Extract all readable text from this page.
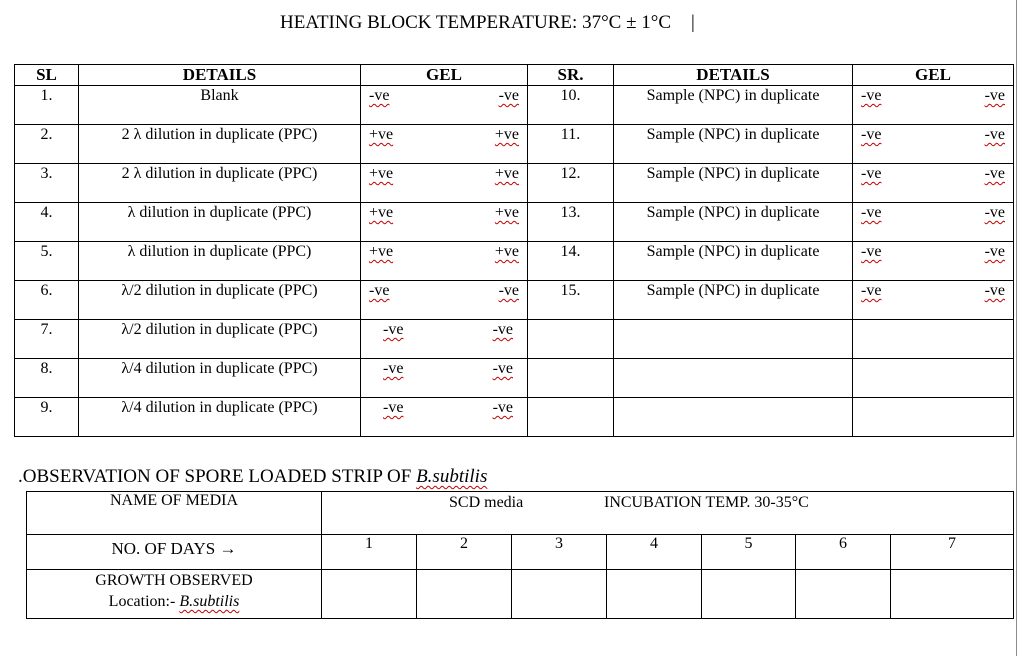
HEATING BLOCK TEMPERATURE: 37°C ± 1°C |
SL	DETAILS	GEL	SR.	DETAILS	GEL
1.	Blank	-ve -ve	10.	Sample (NPC) in duplicate	-ve -ve

2.	2 λ dilution in duplicate (PPC)	+ve +ve	11.	Sample (NPC) in duplicate	-ve -ve

3.	2 λ dilution in duplicate (PPC)	+ve +ve	12.	Sample (NPC) in duplicate	-ve -ve

4.	λ dilution in duplicate (PPC)	+ve +ve	13.	Sample (NPC) in duplicate	-ve -ve

5.	λ dilution in duplicate (PPC)	+ve +ve	14.	Sample (NPC) in duplicate	-ve -ve

6.	λ/2 dilution in duplicate (PPC)	-ve -ve	15.	Sample (NPC) in duplicate	-ve -ve

7.	λ/2 dilution in duplicate (PPC)	-ve -ve			

8.	λ/4 dilution in duplicate (PPC)	-ve -ve			

9.	λ/4 dilution in duplicate (PPC)	-ve -ve			

.OBSERVATION OF SPORE LOADED STRIP OF B.subtilis
NAME OF MEDIA	SCD media INCUBATION TEMP. 30-35°C						

NO. OF DAYS →	1	2	3	4	5	6	7

GROWTH OBSERVED
Location:- B.subtilis							
